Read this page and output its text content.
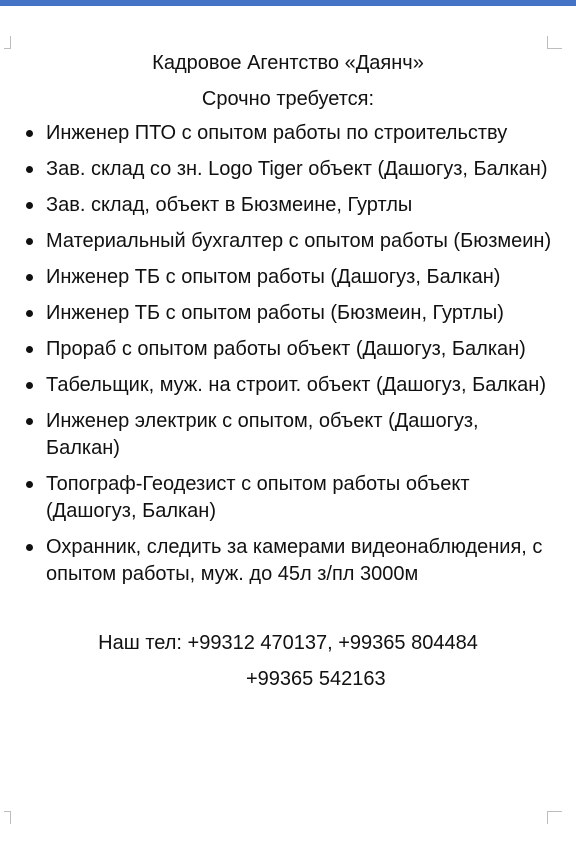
Кадровое Агентство «Даянч»
Срочно требуется:
Инженер ПТО с опытом работы по строительству
Зав. склад со зн. Logo Tiger объект (Дашогуз, Балкан)
Зав. склад, объект в Бюзмеине, Гуртлы
Материальный бухгалтер с опытом работы (Бюзмеин)
Инженер ТБ с опытом работы (Дашогуз, Балкан)
Инженер ТБ с опытом работы (Бюзмеин, Гуртлы)
Прораб с опытом работы объект (Дашогуз, Балкан)
Табельщик, муж. на строит. объект (Дашогуз, Балкан)
Инженер электрик с опытом, объект (Дашогуз, Балкан)
Топограф-Геодезист с опытом работы объект (Дашогуз, Балкан)
Охранник, следить за камерами видеонаблюдения, с опытом работы, муж. до 45л з/пл 3000м
Наш тел: +99312 470137, +99365 804484
+99365 542163
